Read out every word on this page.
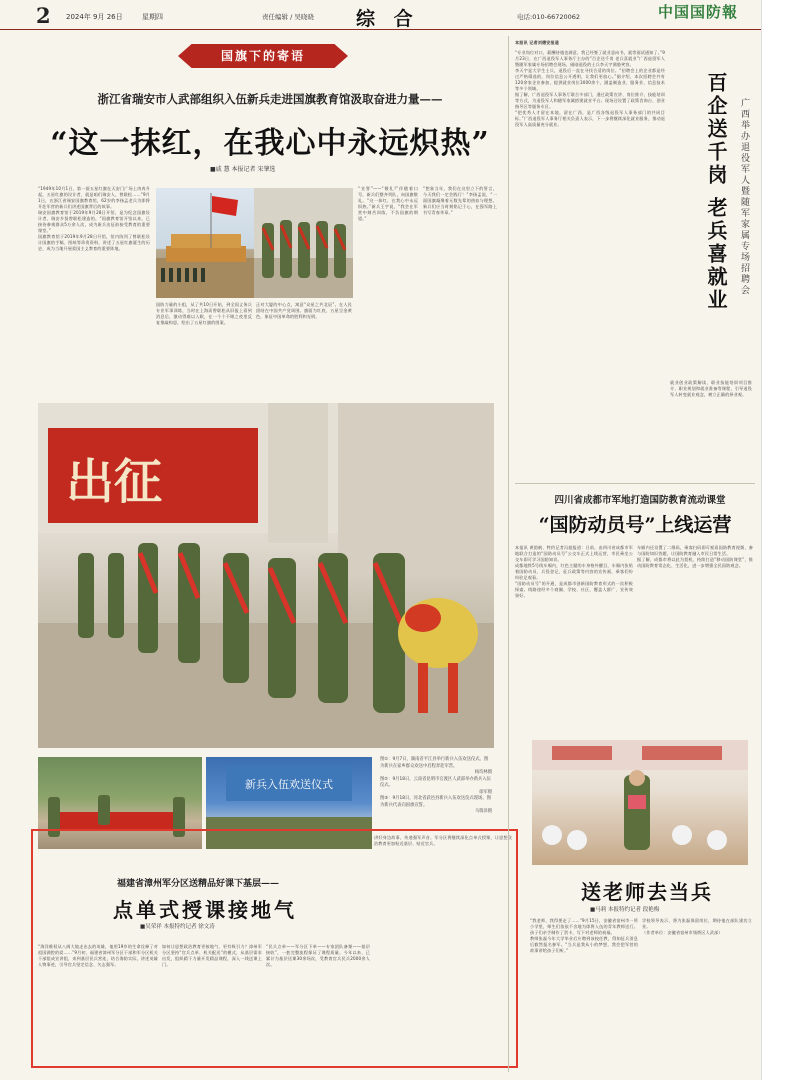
2 2024年 9月 26日	星期四	责任编辑 / 吴晓晓 综 合	电话:010-66720062	中国国防報
国旗下的寄语
浙江省瑞安市人武部组织入伍新兵走进国旗教育馆汲取奋进力量——
“这一抹红，在我心中永远炽热”
■戚 慧 本报记者 宋肇选

“1949年10月1日，第一面五星红旗在天安门广场上冉冉升起，五星红旗的设计者，就是咱们瑞安人，曾联松……”9月1日，在浙江省瑞安国旗教育馆，62岁的李扬孟老兵为即将开赴军营的新兵们讲述国旗背后的故事。

瑞安国旗教育馆于2019年9月28日开馆，是为纪念国旗设计者、瑞安乡贤曾联松建造的。“国旗教育馆开馆以来，已接待参观群众5万余人次，成为新兵出征前接受教育的重要课堂。”

国旗教育馆于2019年9月28日开馆，馆内陈列了曾联松设计国旗的手稿、图纸等珍贵资料，讲述了五星红旗诞生的历史，成为当地开展爱国主义教育的重要阵地。

国防力量的小组，从了共10日开始，到全国义务兵专业军事训练，当时在上海而曾联松从旧报上看到消息后，激动得难以入眠，在一个个不眠之夜里反复推敲构思，绘出了五星红旗的图案。
正对大厦的中心点，寓意“众星之共北辰”。在人民团结在中国共产党周围。旗面为红底，五星呈金黄色，象征中国革命的胜利和光明。
“宣誓”——“敬礼!”伴随着口号，新兵们整齐列队，向国旗敬礼。“这一抹红，在我心中永远炽热。”新兵王宇说，“我会在军营中刻苦训练，不负国旗的期望。”
“想象当年，我们在这里立下的誓言，今天我们一定会践行！”李扬孟说，“一面国旗凝聚着无数先辈的热血与理想。新兵们应当时刻铭记于心，在强军路上书写青春华章。”	百企送千岗 老兵喜就业 广西举办退役军人暨随军家属专场招聘会
本报讯 记者刘德安报道

“专业岗位对口，薪酬待遇也满意，我已经签了就业意向书，就等面试通知了。”9月23日，在广西退役军人事务厅主办的“百企送千岗 老兵喜就业”广西退役军人暨随军家属专场招聘会现场，刚刚退役的士兵李天宇满脸笑容。

李天宇是大学生士兵，退役后一直在寻找合适的岗位。“招聘会上的企业都是经过严格筛选的，岗位信息公开透明，让我们更放心。”据介绍，本次招聘会共有120余家企业参加，提供就业岗位3000余个，涵盖制造业、服务业、信息技术等多个领域。

据了解，广西退役军人事务厅联合多部门，通过政策宣讲、岗位推介、技能培训等方式，为退役军人和随军家属搭建就业平台。现场还设置了政策咨询台、创业指导区等服务专区。

“把优秀人才留在本地，留在广西，是广西各级退役军人事务部门的共同目标。”广西退役军人事务厅相关负责人表示，下一步将继续深化就业服务，推动退役军人高质量充分就业。

就业创业政策解读、职业技能培训项目推介、职业规划和就业准备等课程，引导退役军人转变就业观念，树立正确的择业观。
出征
新兵入伍欢送仪式

图①：9月7日，湖南省平江县举行新兵入伍欢送仪式。图为新兵在家乡群众欢送中启程奔赴军营。

杨均林摄

图②：9月18日，云南省昆明市官渡区人武部举办新兵入伍仪式。

徐军摄

图③：9月18日，河北省武邑县新兵入伍欢送仪式现场。图为新兵代表向国旗宣誓。

马瑞泽摄

四川省成都市军地打造国防教育流动课堂
“国防动员号”上线运营

本报讯 黄韵帆、特约记者冯超报道：日前，由四川省成都市军地联合打造的“国防动员号”公交车正式上线运营，市民乘坐公交车即可学习国防知识。

成都地铁5号线车厢内，红色主题的车身格外醒目，车厢内张贴着国防动员、兵役登记、征兵政策等内容的宣传画，乘客们纷纷驻足观看。

“国防动员号”的开通，是成都市创新国防教育形式的一次积极探索。线路途经多个商圈、学校、社区，覆盖人群广、宣传效果好。

车厢内还设置了二维码，乘客扫码即可观看国防教育视频、参与国防知识答题，让国防教育融入市民日常生活。

据了解，成都市将以此为契机，持续打造“移动国防课堂”，推动国防教育常态化、生活化，进一步增强全民国防观念。

福建省漳州军分区送精品好课下基层——
点单式授课接地气
■吴荣祥 本报特约记者 徐文涛
“海洋维权从八闽大地走出去的英雄，他用19岁的生命诠释了对祖国满腔的爱……”9月初，福建省漳州军分区干部和军分区机关干部组成宣讲组，来到基层民兵营连，结合海防实际，讲述英雄人物事迹，引导官兵坚定信念、矢志强军。
如何让思想政治教育更接地气、更有吸引力？漳州军分区坚持“官兵点单、机关配送”的模式，从基层需求出发，组织精干力量开发精品课程，深入一线送课上门。
“民兵点单——军分区下单——专家团队备课——基层接收”，一套完整流程保证了课程质量。今年以来，已累计为基层送课30余场次，受教育官兵民兵2000余人次。
讲好身边故事，传递强军声音。军分区将继续深化点单式授课，让思想政治教育更加贴近基层、贴近官兵。
送老师去当兵
■马莉 本报特约记者 段艳梅

“我老师，我得要走了……”9月15日，安徽省宿州市一所小学里，师生们依依不舍地为即将入伍的青年教师送行。孩子们亲手制作了贺卡，写下对老师的祝福。

教师张磊今年大学毕业后应聘到该校任教，得知征兵消息后毅然报名参军。“当兵是我从小的梦想，我会把军营的故事讲给孩子们听。”

学校领导表示，将为张磊保留岗位，期待他在部队建功立业。

（作者单位：安徽省宿州市埇桥区人武部）
